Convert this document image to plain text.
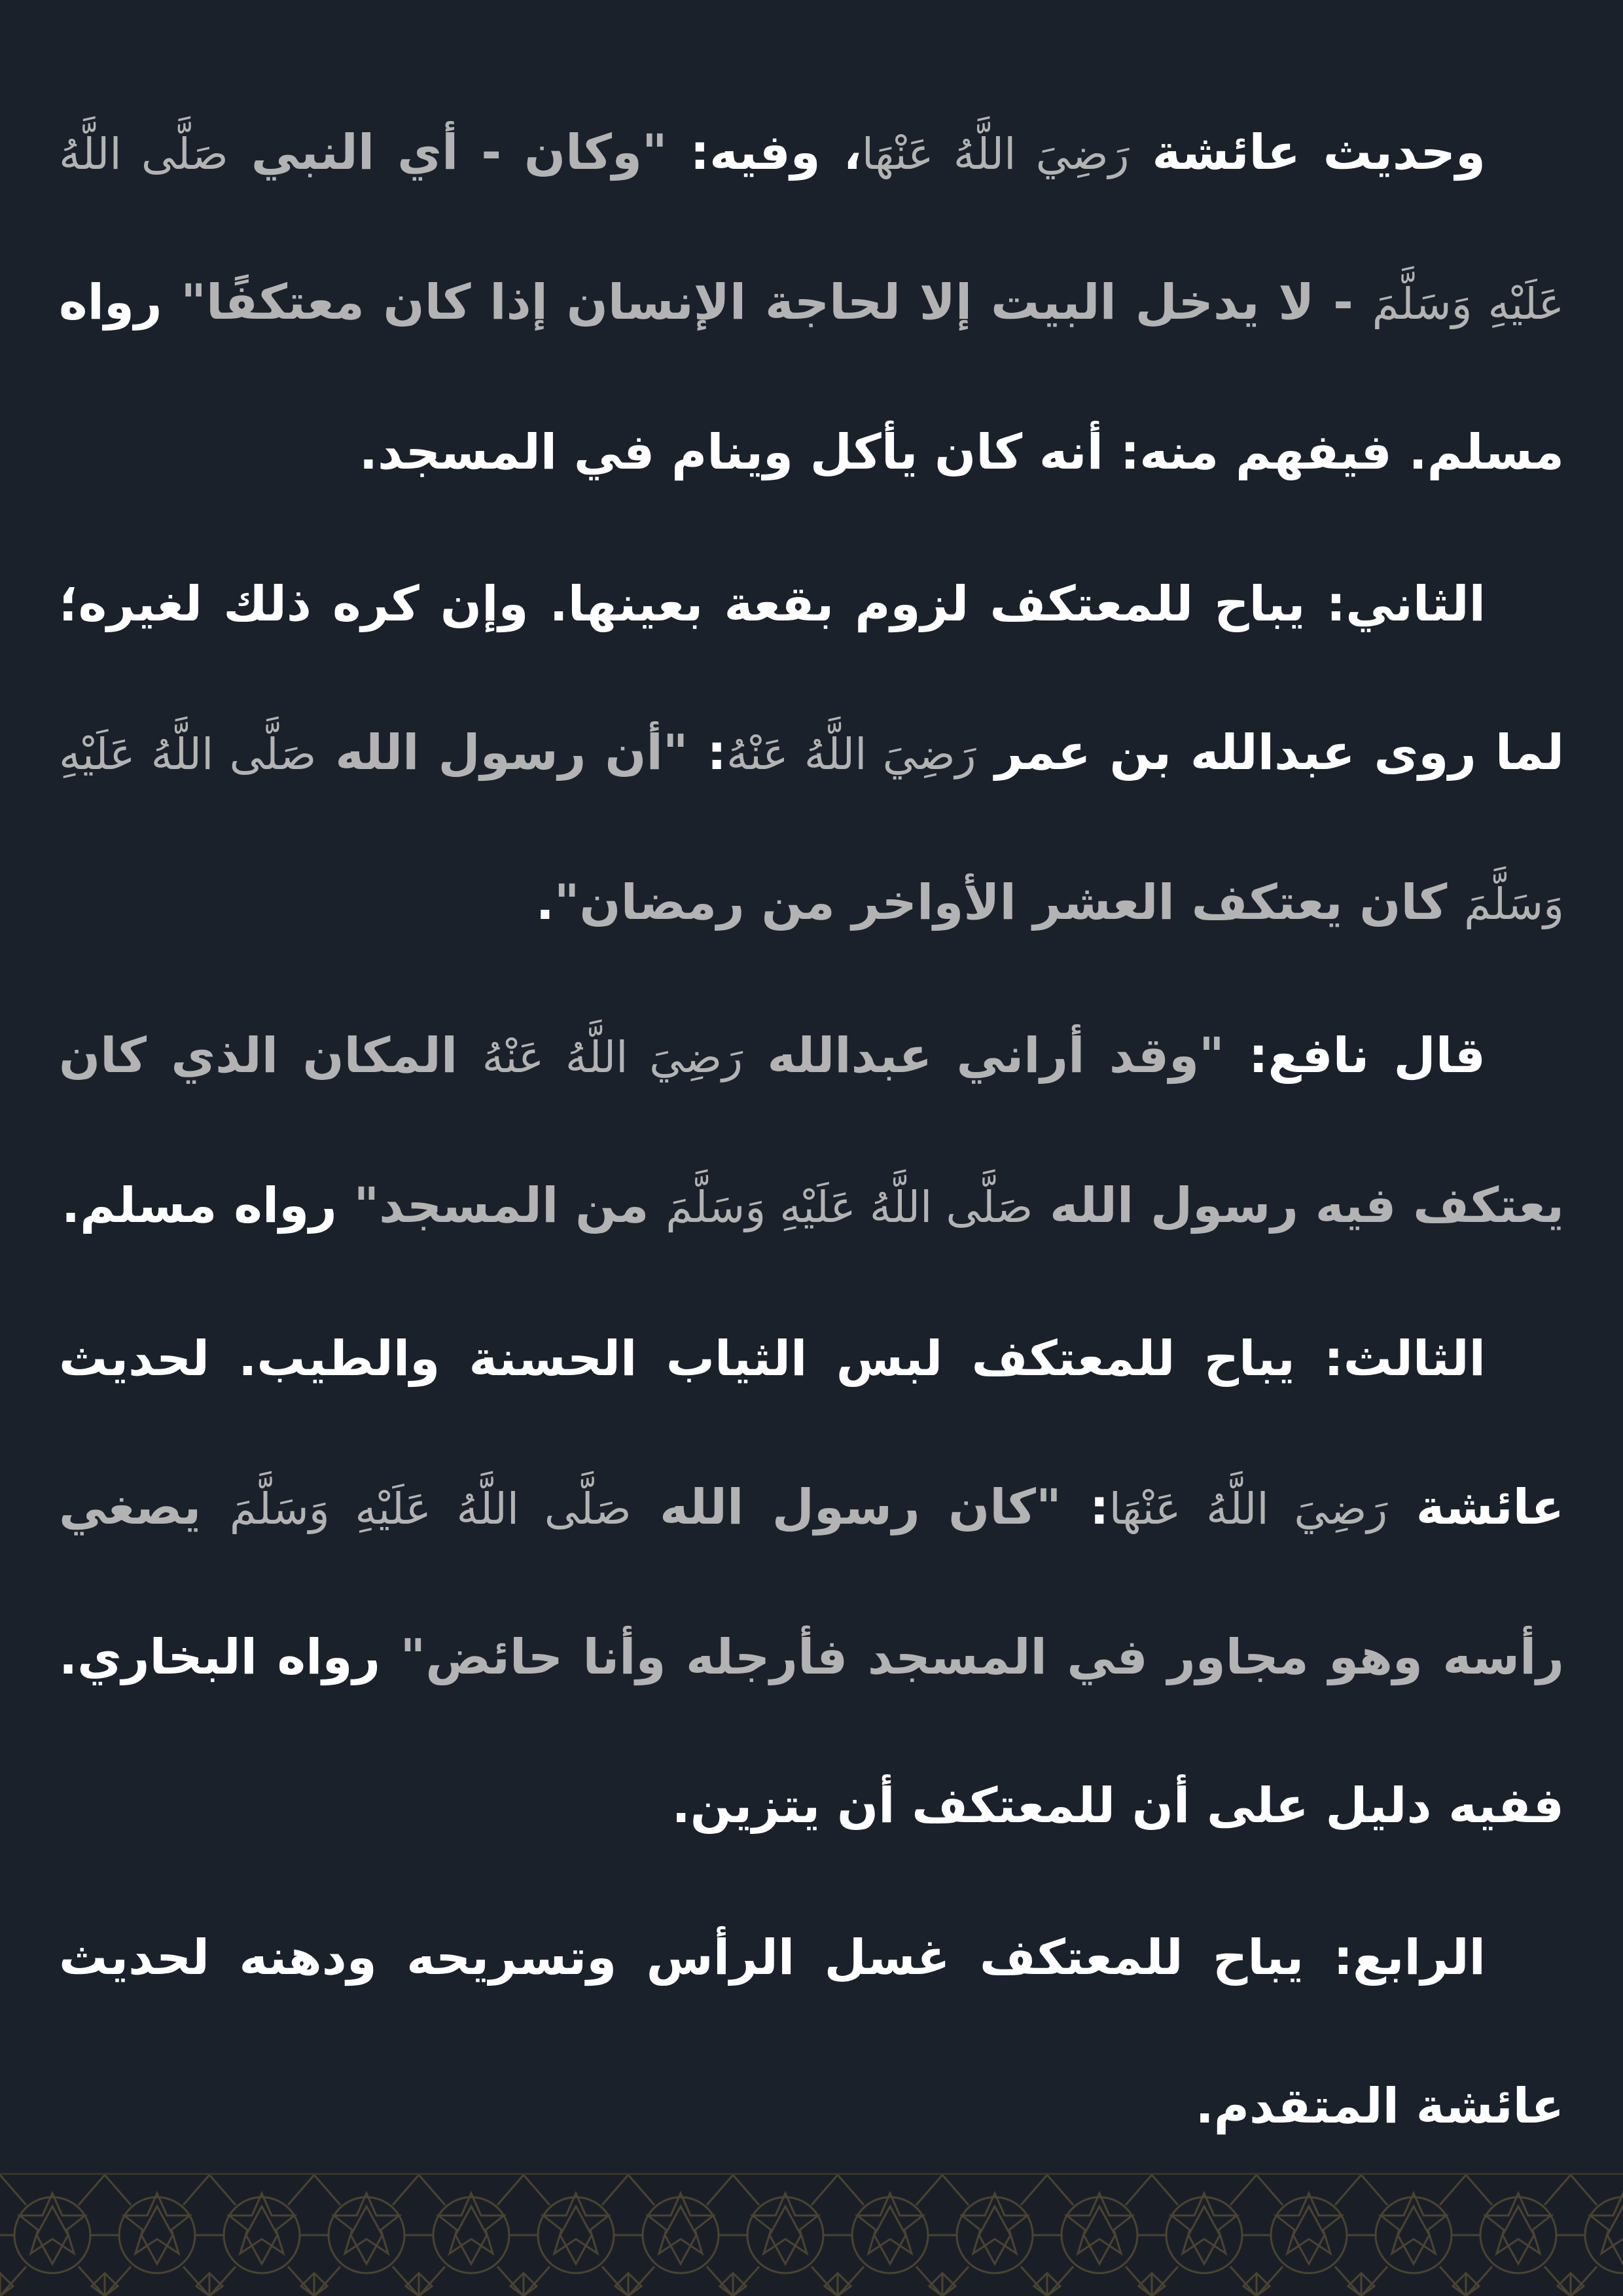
وحديث عائشة رَضِيَ اللَّهُ عَنْهَا، وفيه: "وكان - أي النبي صَلَّى اللَّهُ عَلَيْهِ وَسَلَّمَ - لا يدخل البيت إلا لحاجة الإنسان إذا كان معتكفًا" رواه مسلم. فيفهم منه: أنه كان يأكل وينام في المسجد.

الثاني: يباح للمعتكف لزوم بقعة بعينها. وإن كره ذلك لغيره؛ لما روى عبدالله بن عمر رَضِيَ اللَّهُ عَنْهُ: "أن رسول الله صَلَّى اللَّهُ عَلَيْهِ وَسَلَّمَ كان يعتكف العشر الأواخر من رمضان".

قال نافع: "وقد أراني عبدالله رَضِيَ اللَّهُ عَنْهُ المكان الذي كان يعتكف فيه رسول الله صَلَّى اللَّهُ عَلَيْهِ وَسَلَّمَ من المسجد" رواه مسلم.

الثالث: يباح للمعتكف لبس الثياب الحسنة والطيب. لحديث عائشة رَضِيَ اللَّهُ عَنْهَا: "كان رسول الله صَلَّى اللَّهُ عَلَيْهِ وَسَلَّمَ يصغي رأسه وهو مجاور في المسجد فأرجله وأنا حائض" رواه البخاري. ففيه دليل على أن للمعتكف أن يتزين.

الرابع: يباح للمعتكف غسل الرأس وتسريحه ودهنه لحديث عائشة المتقدم.
